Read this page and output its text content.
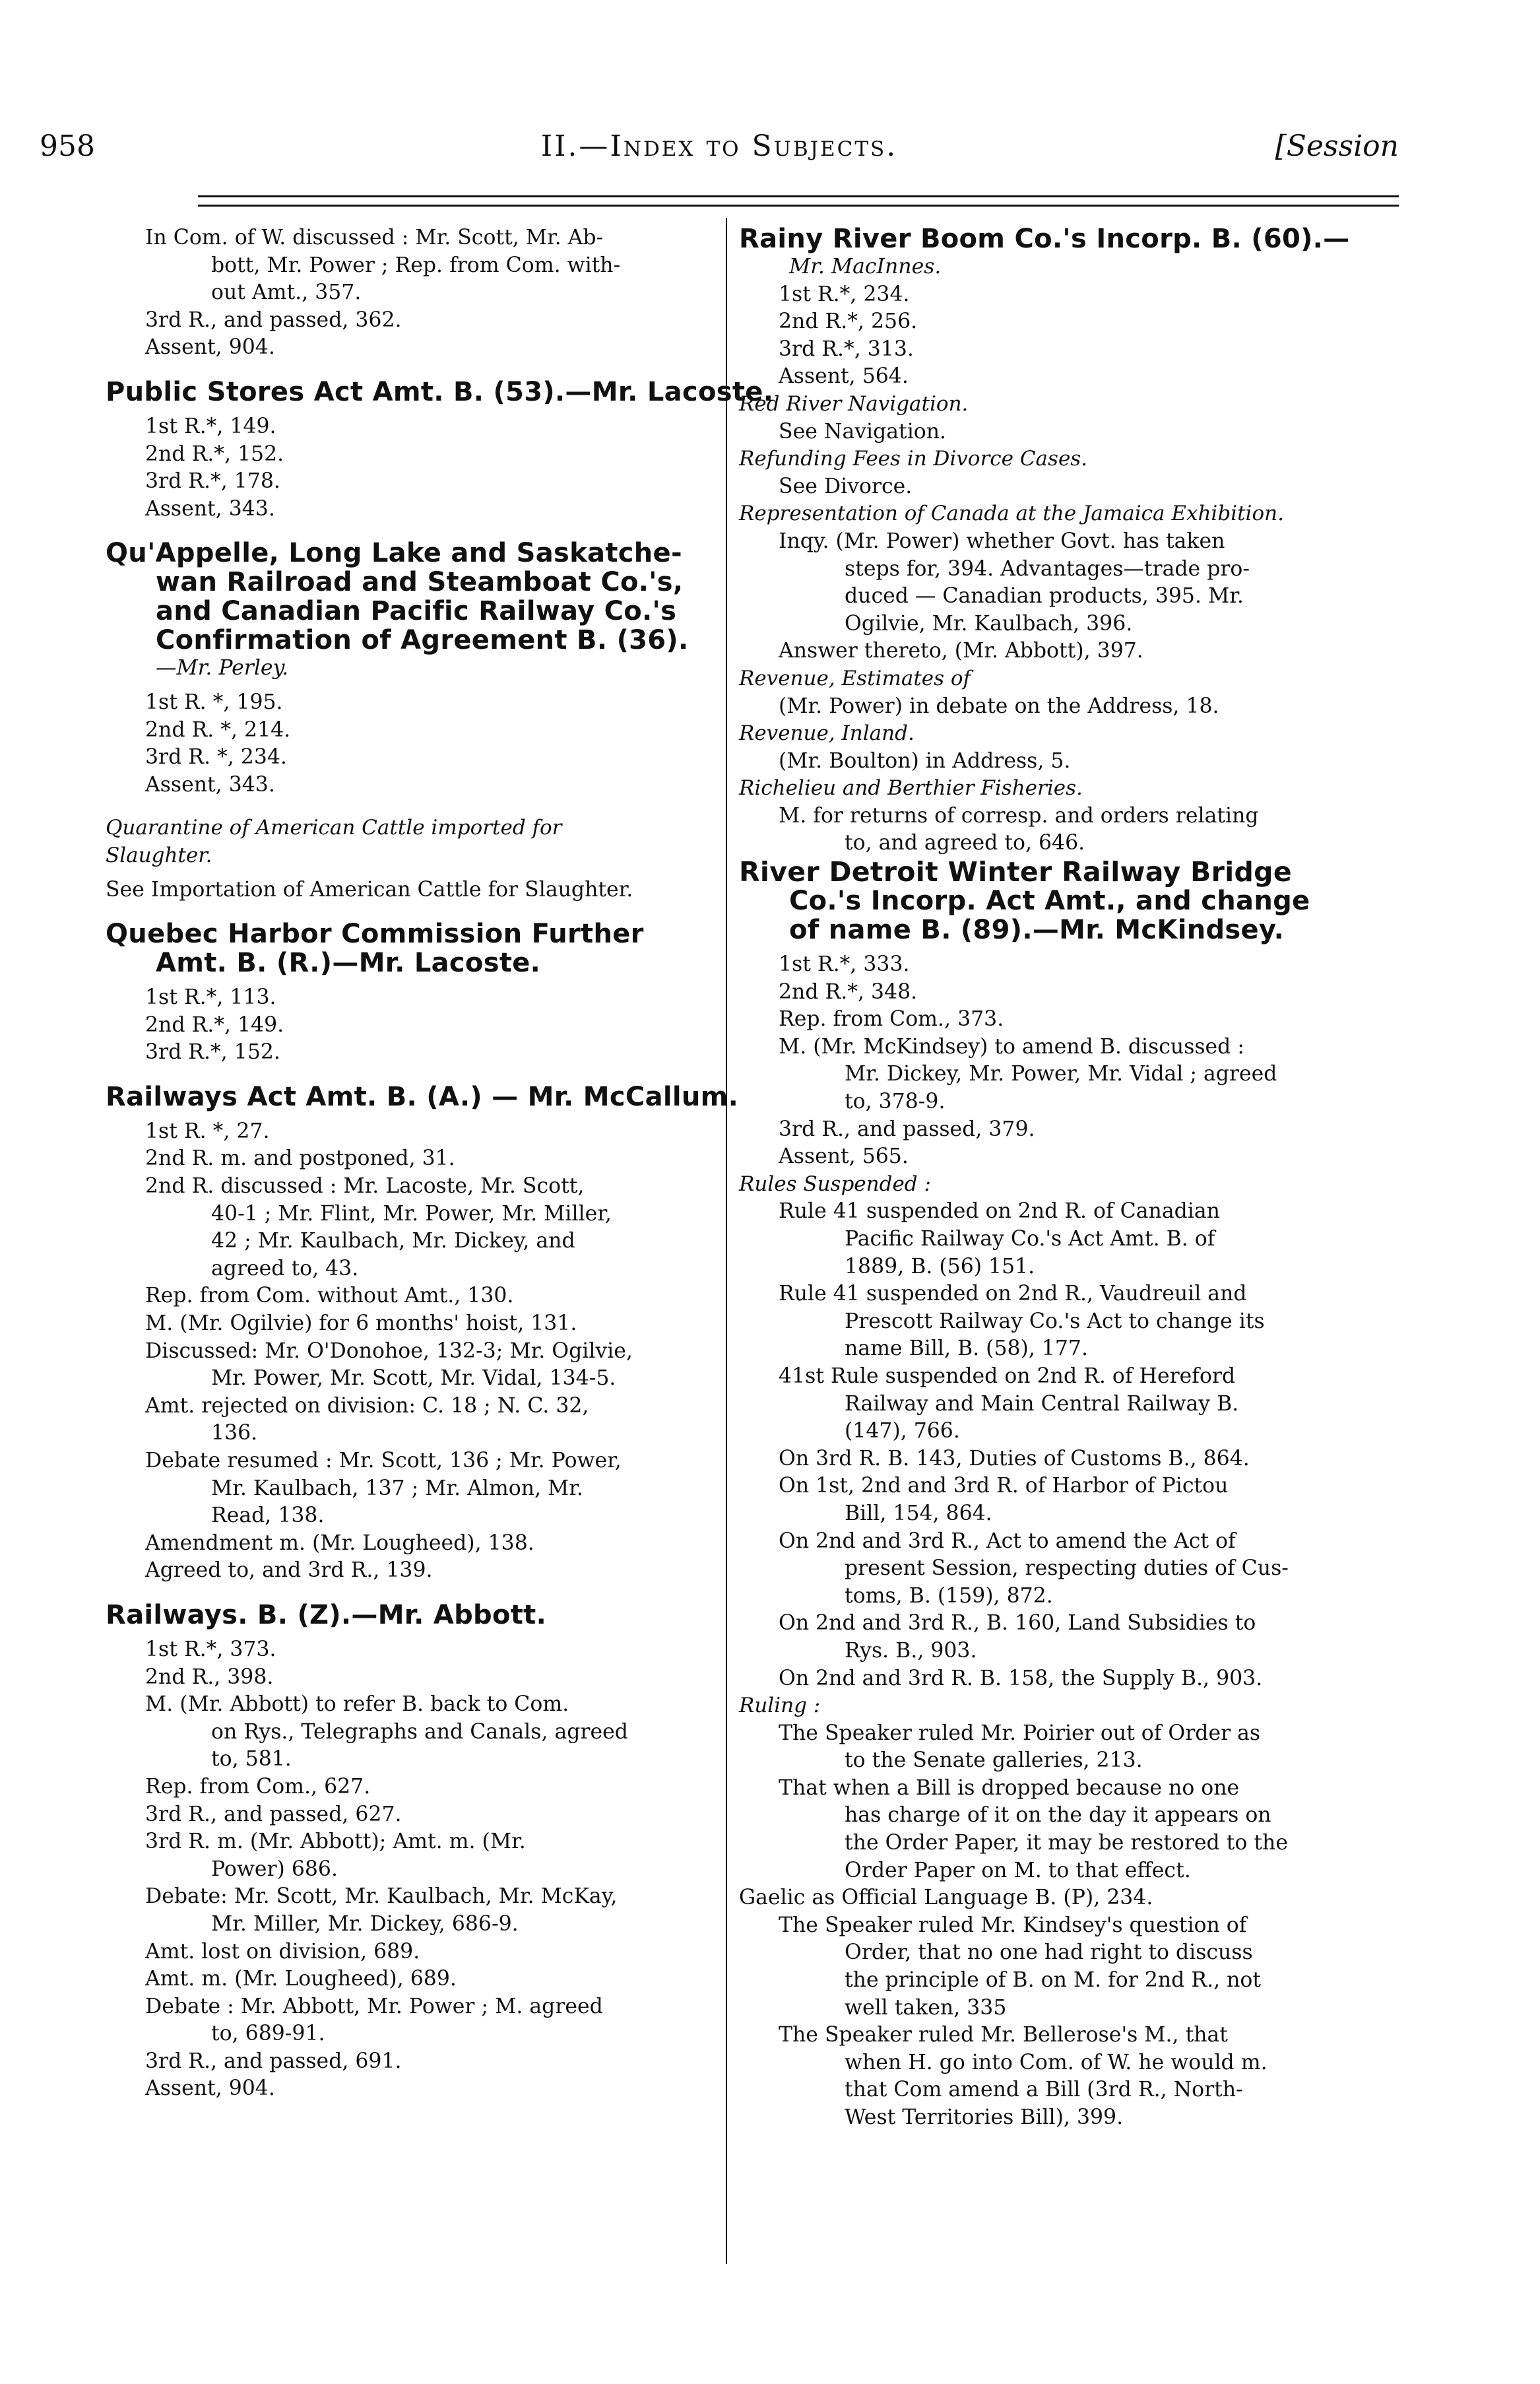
958	II.—Index to Subjects.	[Session
In Com. of W. discussed : Mr. Scott, Mr. Ab-
bott, Mr. Power ; Rep. from Com. with-
out Amt., 357.
3rd R., and passed, 362.
Assent, 904.
Public Stores Act Amt. B. (53).—Mr. Lacoste.
1st R.*, 149.
2nd R.*, 152.
3rd R.*, 178.
Assent, 343.
Qu'Appelle, Long Lake and Saskatche-
wan Railroad and Steamboat Co.'s,
and Canadian Pacific Railway Co.'s
Confirmation of Agreement B. (36).
—Mr. Perley.
1st R. *, 195.
2nd R. *, 214.
3rd R. *, 234.
Assent, 343.
Quarantine of American Cattle imported for
Slaughter.
See Importation of American Cattle for Slaughter.
Quebec Harbor Commission Further
Amt. B. (R.)—Mr. Lacoste.
1st R.*, 113.
2nd R.*, 149.
3rd R.*, 152.
Railways Act Amt. B. (A.) — Mr. McCallum.
1st R. *, 27.
2nd R. m. and postponed, 31.
2nd R. discussed : Mr. Lacoste, Mr. Scott,
40-1 ; Mr. Flint, Mr. Power, Mr. Miller,
42 ; Mr. Kaulbach, Mr. Dickey, and
agreed to, 43.
Rep. from Com. without Amt., 130.
M. (Mr. Ogilvie) for 6 months' hoist, 131.
Discussed: Mr. O'Donohoe, 132-3; Mr. Ogilvie,
Mr. Power, Mr. Scott, Mr. Vidal, 134-5.
Amt. rejected on division: C. 18 ; N. C. 32,
136.
Debate resumed : Mr. Scott, 136 ; Mr. Power,
Mr. Kaulbach, 137 ; Mr. Almon, Mr.
Read, 138.
Amendment m. (Mr. Lougheed), 138.
Agreed to, and 3rd R., 139.
Railways. B. (Z).—Mr. Abbott.
1st R.*, 373.
2nd R., 398.
M. (Mr. Abbott) to refer B. back to Com.
on Rys., Telegraphs and Canals, agreed
to, 581.
Rep. from Com., 627.
3rd R., and passed, 627.
3rd R. m. (Mr. Abbott); Amt. m. (Mr.
Power) 686.
Debate: Mr. Scott, Mr. Kaulbach, Mr. McKay,
Mr. Miller, Mr. Dickey, 686-9.
Amt. lost on division, 689.
Amt. m. (Mr. Lougheed), 689.
Debate : Mr. Abbott, Mr. Power ; M. agreed
to, 689-91.
3rd R., and passed, 691.
Assent, 904.
Rainy River Boom Co.'s Incorp. B. (60).—
Mr. MacInnes.
1st R.*, 234.
2nd R.*, 256.
3rd R.*, 313.
Assent, 564.
Red River Navigation.
See Navigation.
Refunding Fees in Divorce Cases.
See Divorce.
Representation of Canada at the Jamaica Exhibition.
Inqy. (Mr. Power) whether Govt. has taken
steps for, 394. Advantages—trade pro-
duced — Canadian products, 395. Mr.
Ogilvie, Mr. Kaulbach, 396.
Answer thereto, (Mr. Abbott), 397.
Revenue, Estimates of
(Mr. Power) in debate on the Address, 18.
Revenue, Inland.
(Mr. Boulton) in Address, 5.
Richelieu and Berthier Fisheries.
M. for returns of corresp. and orders relating
to, and agreed to, 646.
River Detroit Winter Railway Bridge
Co.'s Incorp. Act Amt., and change
of name B. (89).—Mr. McKindsey.
1st R.*, 333.
2nd R.*, 348.
Rep. from Com., 373.
M. (Mr. McKindsey) to amend B. discussed :
Mr. Dickey, Mr. Power, Mr. Vidal ; agreed
to, 378-9.
3rd R., and passed, 379.
Assent, 565.
Rules Suspended :
Rule 41 suspended on 2nd R. of Canadian
Pacific Railway Co.'s Act Amt. B. of
1889, B. (56) 151.
Rule 41 suspended on 2nd R., Vaudreuil and
Prescott Railway Co.'s Act to change its
name Bill, B. (58), 177.
41st Rule suspended on 2nd R. of Hereford
Railway and Main Central Railway B.
(147), 766.
On 3rd R. B. 143, Duties of Customs B., 864.
On 1st, 2nd and 3rd R. of Harbor of Pictou
Bill, 154, 864.
On 2nd and 3rd R., Act to amend the Act of
present Session, respecting duties of Cus-
toms, B. (159), 872.
On 2nd and 3rd R., B. 160, Land Subsidies to
Rys. B., 903.
On 2nd and 3rd R. B. 158, the Supply B., 903.
Ruling :
The Speaker ruled Mr. Poirier out of Order as
to the Senate galleries, 213.
That when a Bill is dropped because no one
has charge of it on the day it appears on
the Order Paper, it may be restored to the
Order Paper on M. to that effect.
Gaelic as Official Language B. (P), 234.
The Speaker ruled Mr. Kindsey's question of
Order, that no one had right to discuss
the principle of B. on M. for 2nd R., not
well taken, 335
The Speaker ruled Mr. Bellerose's M., that
when H. go into Com. of W. he would m.
that Com amend a Bill (3rd R., North-
West Territories Bill), 399.
